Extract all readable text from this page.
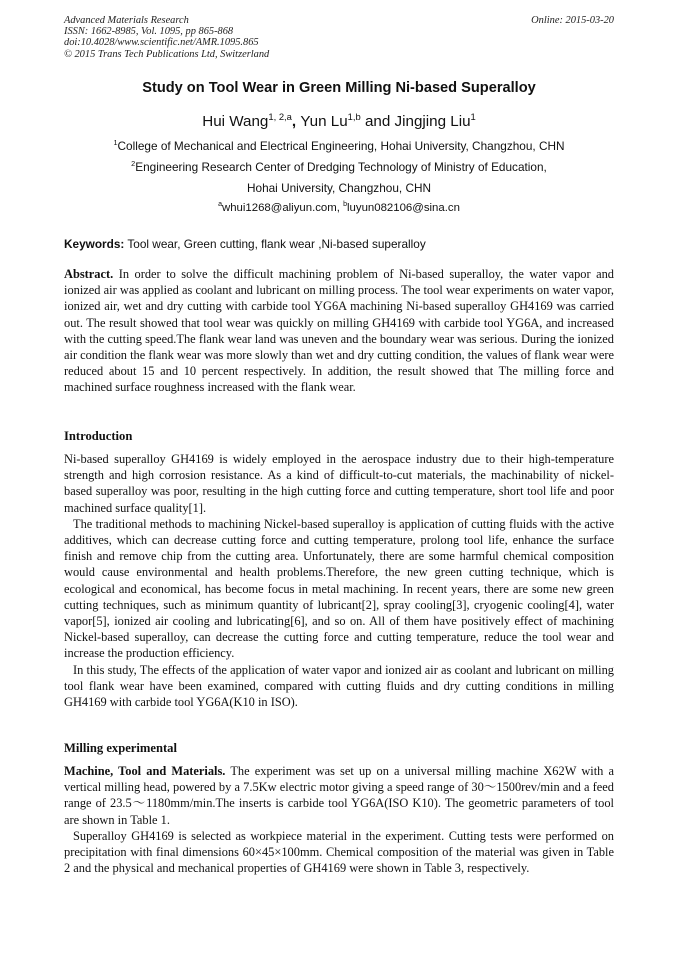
Advanced Materials Research
ISSN: 1662-8985, Vol. 1095, pp 865-868
doi:10.4028/www.scientific.net/AMR.1095.865
© 2015 Trans Tech Publications Ltd, Switzerland
Online: 2015-03-20
Study on Tool Wear in Green Milling Ni-based Superalloy
Hui Wang$^{1, 2,a}$, Yun Lu$^{1,b}$ and Jingjing Liu$^1$
$^1$College of Mechanical and Electrical Engineering, Hohai University, Changzhou, CHN
$^2$Engineering Research Center of Dredging Technology of Ministry of Education,
Hohai University, Changzhou, CHN
$^a$whui1268@aliyun.com, $^b$luyun082106@sina.cn
Keywords: Tool wear, Green cutting, flank wear ,Ni-based superalloy
Abstract. In order to solve the difficult machining problem of Ni-based superalloy, the water vapor and ionized air was applied as coolant and lubricant on milling process. The tool wear experiments on water vapor, ionized air, wet and dry cutting with carbide tool YG6A machining Ni-based superalloy GH4169 was carried out. The result showed that tool wear was quickly on milling GH4169 with carbide tool YG6A, and increased with the cutting speed.The flank wear land was uneven and the boundary wear was serious. During the ionized air condition the flank wear was more slowly than wet and dry cutting condition, the values of flank wear were reduced about 15 and 10 percent respectively. In addition, the result showed that The milling force and machined surface roughness increased with the flank wear.
Introduction
Ni-based superalloy GH4169 is widely employed in the aerospace industry due to their high-temperature strength and high corrosion resistance. As a kind of difficult-to-cut materials, the machinability of nickel-based superalloy was poor, resulting in the high cutting force and cutting temperature, short tool life and poor machined surface quality[1].
The traditional methods to machining Nickel-based superalloy is application of cutting fluids with the active additives, which can decrease cutting force and cutting temperature, prolong tool life, enhance the surface finish and remove chip from the cutting area. Unfortunately, there are some harmful chemical composition would cause environmental and health problems.Therefore, the new green cutting technique, which is ecological and economical, has become focus in metal machining. In recent years, there are some new green cutting techniques, such as minimum quantity of lubricant[2], spray cooling[3], cryogenic cooling[4], water vapor[5], ionized air cooling and lubricating[6], and so on. All of them have positively effect of machining Nickel-based superalloy, can decrease the cutting force and cutting temperature, reduce the tool wear and increase the production efficiency.
In this study, The effects of the application of water vapor and ionized air as coolant and lubricant on milling tool flank wear have been examined, compared with cutting fluids and dry cutting conditions in milling GH4169 with carbide tool YG6A(K10 in ISO).
Milling experimental
Machine, Tool and Materials. The experiment was set up on a universal milling machine X62W with a vertical milling head, powered by a 7.5Kw electric motor giving a speed range of 30～1500rev/min and a feed range of 23.5～1180mm/min.The inserts is carbide tool YG6A(ISO K10). The geometric parameters of tool are shown in Table 1.
Superalloy GH4169 is selected as workpiece material in the experiment. Cutting tests were performed on precipitation with final dimensions 60×45×100mm. Chemical composition of the material was given in Table 2 and the physical and mechanical properties of GH4169 were shown in Table 3, respectively.
